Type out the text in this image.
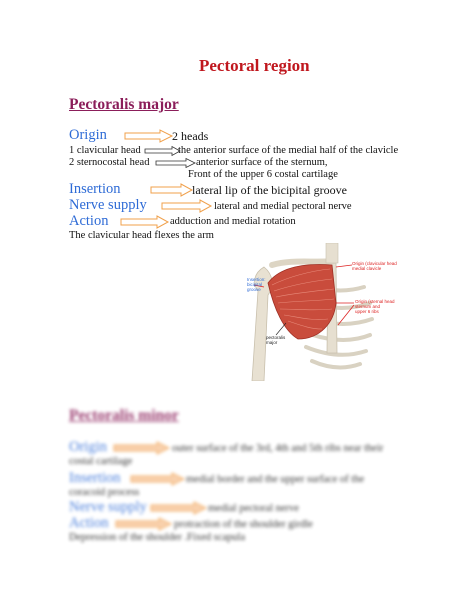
Pectoral region
Pectoralis major
Origin	2 heads
1 clavicular head	the anterior surface of the medial half of the clavicle
2 sternocostal head	anterior surface of the sternum,
Front of the upper 6 costal cartilage
Insertion	lateral lip of the bicipital groove
Nerve supply	lateral and medial pectoral nerve
Action	adduction and medial rotation
The clavicular head flexes the arm
Insertion:
bicipital
groove
Origin (clavicular head
medial clavicle
Origin (sternal head
sternum and
upper 6 ribs
pectoralis
major
Pectoralis minor
Origin	outer surface of the 3rd, 4th and 5th ribs near their
costal cartilage
Insertion	medial border and the upper surface of the
coracoid process
Nerve supply	medial pectoral nerve
Action	protraction of the shoulder girdle
Depression of the shoulder .Fixed scapula
